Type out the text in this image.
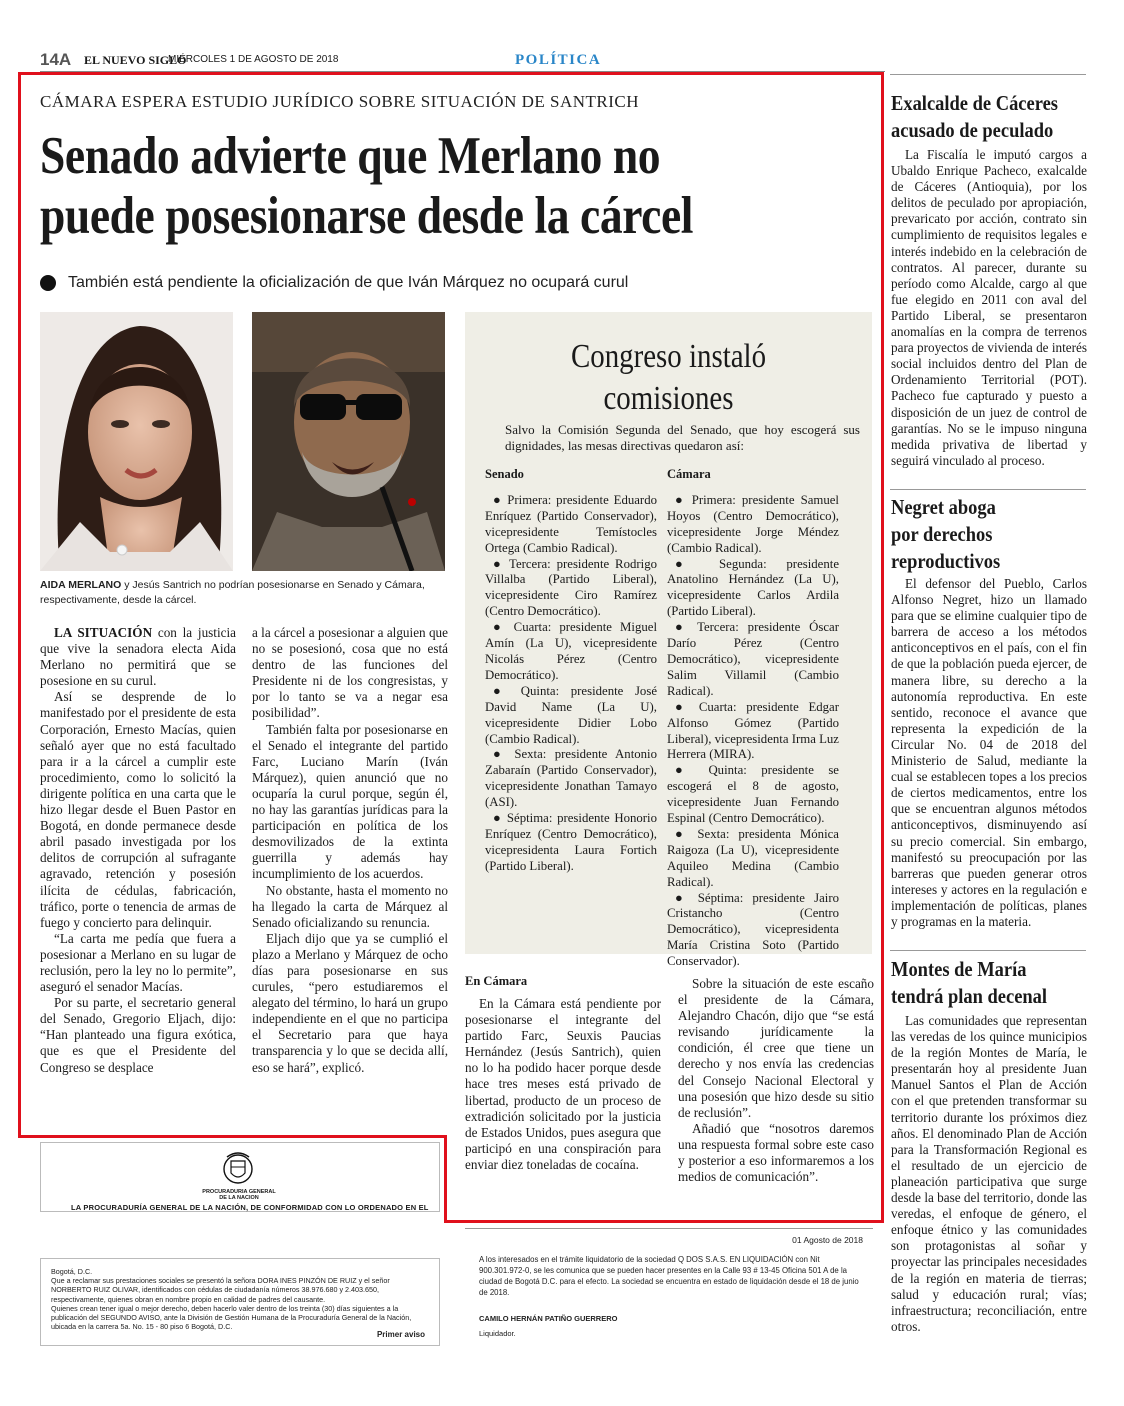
14A EL NUEVO SIGLO
MIÉRCOLES 1 DE AGOSTO DE 2018	POLÍTICA
CÁMARA ESPERA ESTUDIO JURÍDICO SOBRE SITUACIÓN DE SANTRICH
Senado advierte que Merlano no
puede posesionarse desde la cárcel
También está pendiente la oficialización de que Iván Márquez no ocupará curul
AIDA MERLANO y Jesús Santrich no podrían posesionarse en Senado y Cámara, respectivamente, desde la cárcel.

LA SITUACIÓN con la justicia que vive la senadora electa Aida Merlano no permitirá que se posesione en su curul.

Así se desprende de lo manifestado por el presidente de esta Corporación, Ernesto Macías, quien señaló ayer que no está facultado para ir a la cárcel a cumplir este procedimiento, como lo solicitó la dirigente política en una carta que le hizo llegar desde el Buen Pastor en Bogotá, en donde permanece desde abril pasado investigada por los delitos de corrupción al sufragante agravado, retención y posesión ilícita de cédulas, fabricación, tráfico, porte o tenencia de armas de fuego y concierto para delinquir.

“La carta me pedía que fuera a posesionar a Merlano en su lugar de reclusión, pero la ley no lo permite”, aseguró el senador Macías.

Por su parte, el secretario general del Senado, Gregorio Eljach, dijo: “Han planteado una figura exótica, que es que el Presidente del Congreso se desplace

a la cárcel a posesionar a alguien que no se posesionó, cosa que no está dentro de las funciones del Presidente ni de los congresistas, y por lo tanto se va a negar esa posibilidad”.

También falta por posesionarse en el Senado el integrante del partido Farc, Luciano Marín (Iván Márquez), quien anunció que no ocuparía la curul porque, según él, no hay las garantías jurídicas para la participación en política de los desmovilizados de la extinta guerrilla y además hay incumplimiento de los acuerdos.

No obstante, hasta el momento no ha llegado la carta de Márquez al Senado oficializando su renuncia.

Eljach dijo que ya se cumplió el plazo a Merlano y Márquez de ocho días para posesionarse en sus curules, “pero estudiaremos el alegato del término, lo hará un grupo independiente en el que no participa el Secretario para que haya transparencia y lo que se decida allí, eso se hará”, explicó.

Congreso instaló
comisiones
Salvo la Comisión Segunda del Senado, que hoy escogerá sus dignidades, las mesas directivas quedaron así:
Senado
● Primera: presidente Eduardo Enríquez (Partido Conservador), vicepresidente Temístocles Ortega (Cambio Radical).
● Tercera: presidente Rodrigo Villalba (Partido Liberal), vicepresidente Ciro Ramírez (Centro Democrático).
● Cuarta: presidente Miguel Amín (La U), vicepresidente Nicolás Pérez (Centro Democrático).
● Quinta: presidente José David Name (La U), vicepresidente Didier Lobo (Cambio Radical).
● Sexta: presidente Antonio Zabaraín (Partido Conservador), vicepresidente Jonathan Tamayo (ASI).
● Séptima: presidente Honorio Enríquez (Centro Democrático), vicepresidenta Laura Fortich (Partido Liberal).
Cámara
● Primera: presidente Samuel Hoyos (Centro Democrático), vicepresidente Jorge Méndez (Cambio Radical).
● Segunda: presidente Anatolino Hernández (La U), vicepresidente Carlos Ardila (Partido Liberal).
● Tercera: presidente Óscar Darío Pérez (Centro Democrático), vicepresidente Salim Villamil (Cambio Radical).
● Cuarta: presidente Edgar Alfonso Gómez (Partido Liberal), vicepresidenta Irma Luz Herrera (MIRA).
● Quinta: presidente se escogerá el 8 de agosto, vicepresidente Juan Fernando Espinal (Centro Democrático).
● Sexta: presidenta Mónica Raigoza (La U), vicepresidente Aquileo Medina (Cambio Radical).
● Séptima: presidente Jairo Cristancho (Centro Democrático), vicepresidenta María Cristina Soto (Partido Conservador).
En Cámara

En la Cámara está pendiente por posesionarse el integrante del partido Farc, Seuxis Paucias Hernández (Jesús Santrich), quien no lo ha podido hacer porque desde hace tres meses está privado de libertad, producto de un proceso de extradición solicitado por la justicia de Estados Unidos, pues asegura que participó en una conspiración para enviar diez toneladas de cocaína.

Sobre la situación de este escaño el presidente de la Cámara, Alejandro Chacón, dijo que “se está revisando jurídicamente la condición, él cree que tiene un derecho y nos envía las credencias del Consejo Nacional Electoral y una posesión que hizo desde su sitio de reclusión”.

Añadió que “nosotros daremos una respuesta formal sobre este caso y posterior a eso informaremos a los medios de comunicación”.

Exalcalde de Cáceres
acusado de peculado

La Fiscalía le imputó cargos a Ubaldo Enrique Pacheco, exalcalde de Cáceres (Antioquia), por los delitos de peculado por apropiación, prevaricato por acción, contrato sin cumplimiento de requisitos legales e interés indebido en la celebración de contratos. Al parecer, durante su período como Alcalde, cargo al que fue elegido en 2011 con aval del Partido Liberal, se presentaron anomalías en la compra de terrenos para proyectos de vivienda de interés social incluidos dentro del Plan de Ordenamiento Territorial (POT). Pacheco fue capturado y puesto a disposición de un juez de control de garantías. No se le impuso ninguna medida privativa de libertad y seguirá vinculado al proceso.

Negret aboga
por derechos
reproductivos

El defensor del Pueblo, Carlos Alfonso Negret, hizo un llamado para que se elimine cualquier tipo de barrera de acceso a los métodos anticonceptivos en el país, con el fin de que la población pueda ejercer, de manera libre, su derecho a la autonomía reproductiva. En este sentido, reconoce el avance que representa la expedición de la Circular No. 04 de 2018 del Ministerio de Salud, mediante la cual se establecen topes a los precios de ciertos medicamentos, entre los que se encuentran algunos métodos anticonceptivos, disminuyendo así su precio comercial. Sin embargo, manifestó su preocupación por las barreras que pueden generar otros intereses y actores en la regulación e implementación de políticas, planes y programas en la materia.

Montes de María
tendrá plan decenal

Las comunidades que representan las veredas de los quince municipios de la región Montes de María, le presentarán hoy al presidente Juan Manuel Santos el Plan de Acción con el que pretenden transformar su territorio durante los próximos diez años. El denominado Plan de Acción para la Transformación Regional es el resultado de un ejercicio de planeación participativa que surge desde la base del territorio, donde las veredas, el enfoque de género, el enfoque étnico y las comunidades son protagonistas al soñar y proyectar las principales necesidades de la región en materia de tierras; salud y educación rural; vías; infraestructura; reconciliación, entre otros.

PROCURADURIA GENERAL DE LA NACION
LA PROCURADURÍA GENERAL DE LA NACIÓN, DE CONFORMIDAD CON LO ORDENADO EN EL
Bogotá, D.C.
Que a reclamar sus prestaciones sociales se presentó la señora DORA INES PINZÓN DE RUIZ y el señor NORBERTO RUIZ OLIVAR, identificados con cédulas de ciudadanía números 38.976.680 y 2.403.650, respectivamente, quienes obran en nombre propio en calidad de padres del causante.
Quienes crean tener igual o mejor derecho, deben hacerlo valer dentro de los treinta (30) días siguientes a la publicación del SEGUNDO AVISO, ante la División de Gestión Humana de la Procuraduría General de la Nación, ubicada en la carrera 5a. No. 15 - 80 piso 6 Bogotá, D.C.
Primer aviso
01 Agosto de 2018
A los interesados en el trámite liquidatorio de la sociedad Q DOS S.A.S. EN LIQUIDACIÓN con Nit 900.301.972-0, se les comunica que se pueden hacer presentes en la Calle 93 # 13-45 Oficina 501 A de la ciudad de Bogotá D.C. para el efecto. La sociedad se encuentra en estado de liquidación desde el 18 de junio de 2018.
CAMILO HERNÁN PATIÑO GUERRERO
Liquidador.
